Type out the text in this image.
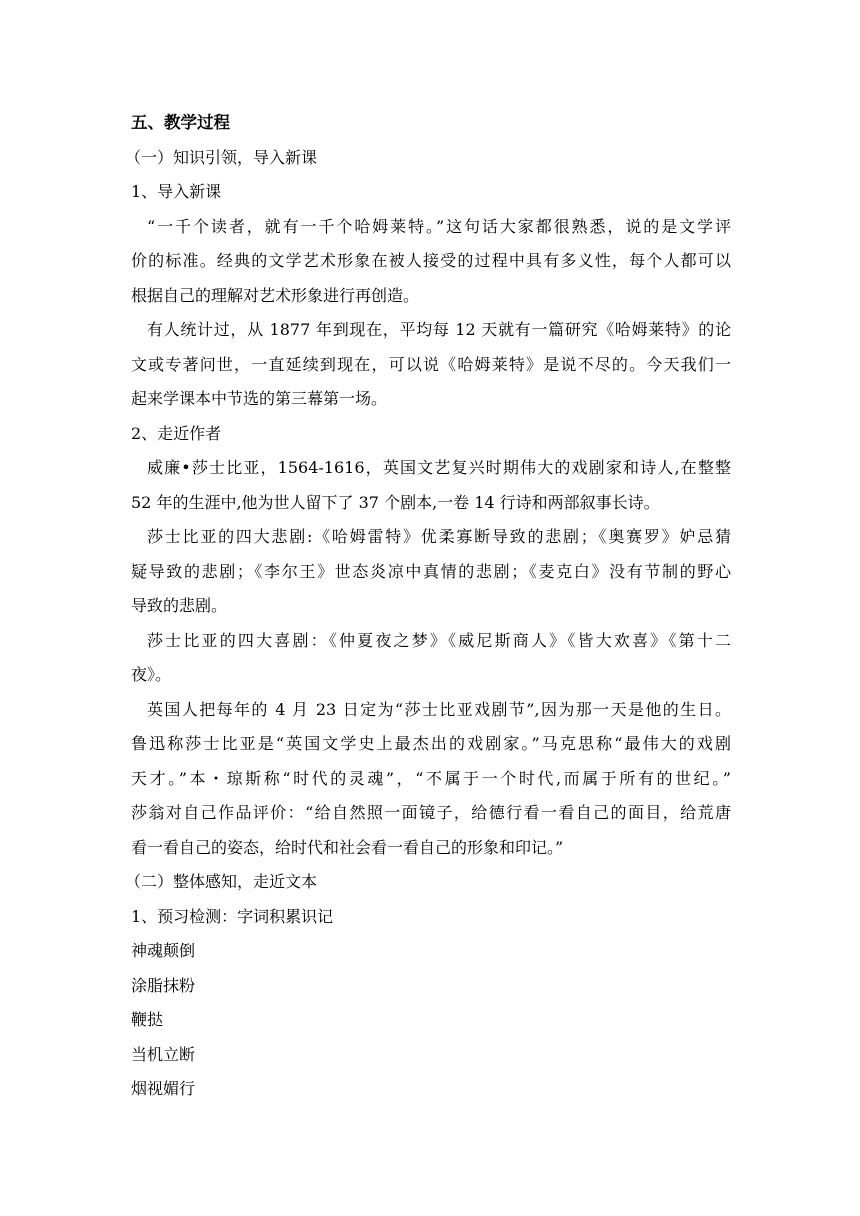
五、教学过程

（一）知识引领，导入新课

1、导入新课

“一千个读者，就有一千个哈姆莱特。”这句话大家都很熟悉，说的是文学评

价的标准。经典的文学艺术形象在被人接受的过程中具有多义性，每个人都可以

根据自己的理解对艺术形象进行再创造。

有人统计过，从 1877 年到现在，平均每 12 天就有一篇研究《哈姆莱特》的论

文或专著问世，一直延续到现在，可以说《哈姆莱特》是说不尽的。今天我们一

起来学课本中节选的第三幕第一场。

2、走近作者

威廉•莎士比亚，1564-1616，英国文艺复兴时期伟大的戏剧家和诗人,在整整

52 年的生涯中,他为世人留下了 37 个剧本,一卷 14 行诗和两部叙事长诗。

莎士比亚的四大悲剧:《哈姆雷特》优柔寡断导致的悲剧；《奥赛罗》妒忌猜

疑导致的悲剧；《李尔王》世态炎凉中真情的悲剧；《麦克白》没有节制的野心

导致的悲剧。

莎士比亚的四大喜剧：《仲夏夜之梦》《威尼斯商人》《皆大欢喜》《第十二

夜》。

英国人把每年的 4 月 23 日定为“莎士比亚戏剧节”,因为那一天是他的生日。

鲁迅称莎士比亚是“英国文学史上最杰出的戏剧家。”马克思称“最伟大的戏剧

天才。”本・琼斯称“时代的灵魂”，“不属于一个时代,而属于所有的世纪。”

莎翁对自己作品评价：“给自然照一面镜子，给德行看一看自己的面目，给荒唐

看一看自己的姿态，给时代和社会看一看自己的形象和印记。”

（二）整体感知，走近文本

1、预习检测：字词积累识记

神魂颠倒

涂脂抹粉

鞭挞

当机立断

烟视媚行
